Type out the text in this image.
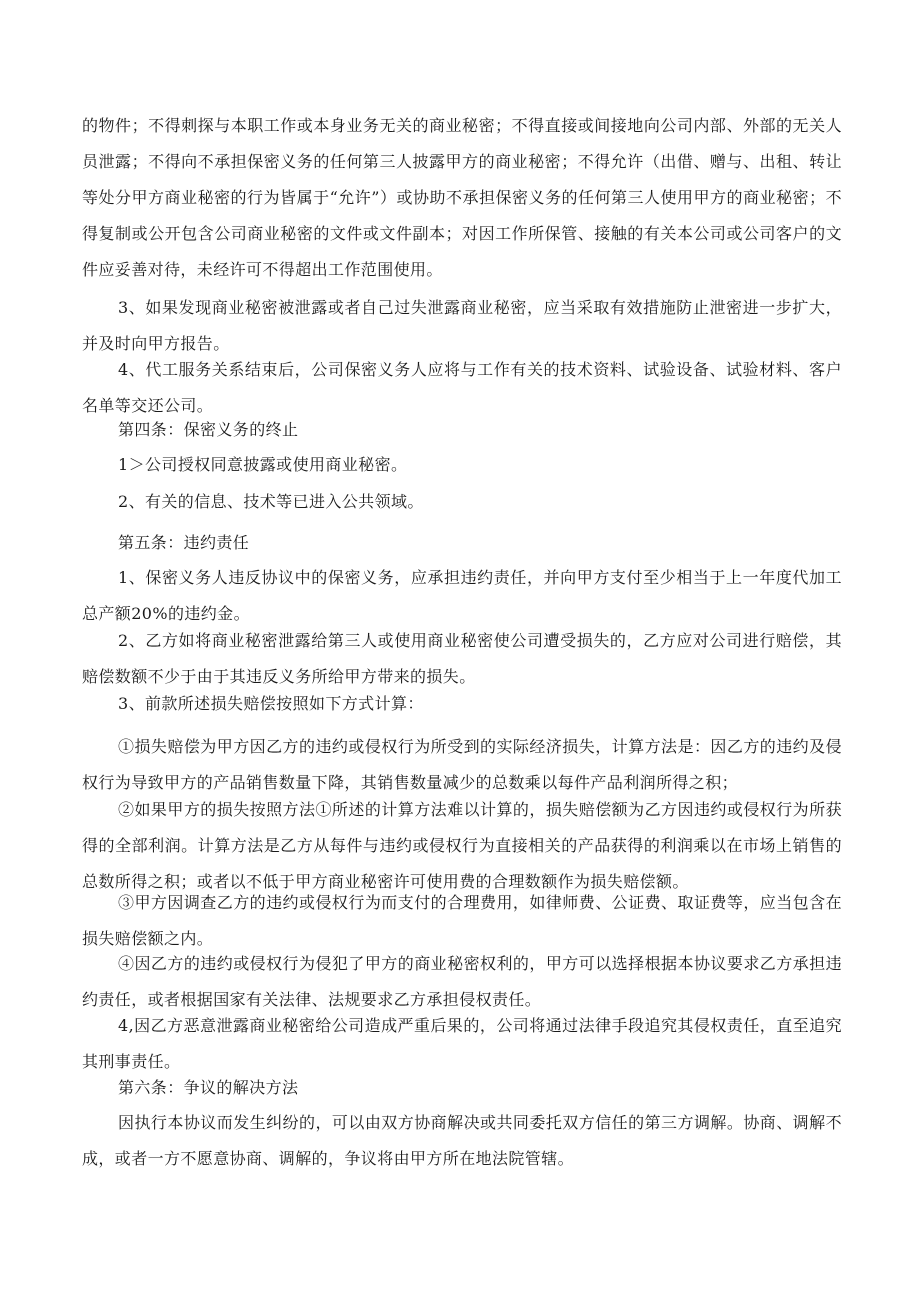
的物件；不得刺探与本职工作或本身业务无关的商业秘密；不得直接或间接地向公司内部、外部的无关人员泄露；不得向不承担保密义务的任何第三人披露甲方的商业秘密；不得允许（出借、赠与、出租、转让等处分甲方商业秘密的行为皆属于“允许”）或协助不承担保密义务的任何第三人使用甲方的商业秘密；不得复制或公开包含公司商业秘密的文件或文件副本；对因工作所保管、接触的有关本公司或公司客户的文件应妥善对待，未经许可不得超出工作范围使用。

3、如果发现商业秘密被泄露或者自己过失泄露商业秘密，应当采取有效措施防止泄密进一步扩大，并及时向甲方报告。

4、代工服务关系结束后，公司保密义务人应将与工作有关的技术资料、试验设备、试验材料、客户名单等交还公司。

第四条：保密义务的终止

1＞公司授权同意披露或使用商业秘密。

2、有关的信息、技术等已进入公共领域。

第五条：违约责任

1、保密义务人违反协议中的保密义务，应承担违约责任，并向甲方支付至少相当于上一年度代加工总产额20%的违约金。

2、乙方如将商业秘密泄露给第三人或使用商业秘密使公司遭受损失的，乙方应对公司进行赔偿，其赔偿数额不少于由于其违反义务所给甲方带来的损失。

3、前款所述损失赔偿按照如下方式计算：

①损失赔偿为甲方因乙方的违约或侵权行为所受到的实际经济损失，计算方法是：因乙方的违约及侵权行为导致甲方的产品销售数量下降，其销售数量减少的总数乘以每件产品利润所得之积；

②如果甲方的损失按照方法①所述的计算方法难以计算的，损失赔偿额为乙方因违约或侵权行为所获得的全部利润。计算方法是乙方从每件与违约或侵权行为直接相关的产品获得的利润乘以在市场上销售的总数所得之积；或者以不低于甲方商业秘密许可使用费的合理数额作为损失赔偿额。

③甲方因调查乙方的违约或侵权行为而支付的合理费用，如律师费、公证费、取证费等，应当包含在损失赔偿额之内。

④因乙方的违约或侵权行为侵犯了甲方的商业秘密权利的，甲方可以选择根据本协议要求乙方承担违约责任，或者根据国家有关法律、法规要求乙方承担侵权责任。

4,因乙方恶意泄露商业秘密给公司造成严重后果的，公司将通过法律手段追究其侵权责任，直至追究其刑事责任。

第六条：争议的解决方法

因执行本协议而发生纠纷的，可以由双方协商解决或共同委托双方信任的第三方调解。协商、调解不成，或者一方不愿意协商、调解的，争议将由甲方所在地法院管辖。
